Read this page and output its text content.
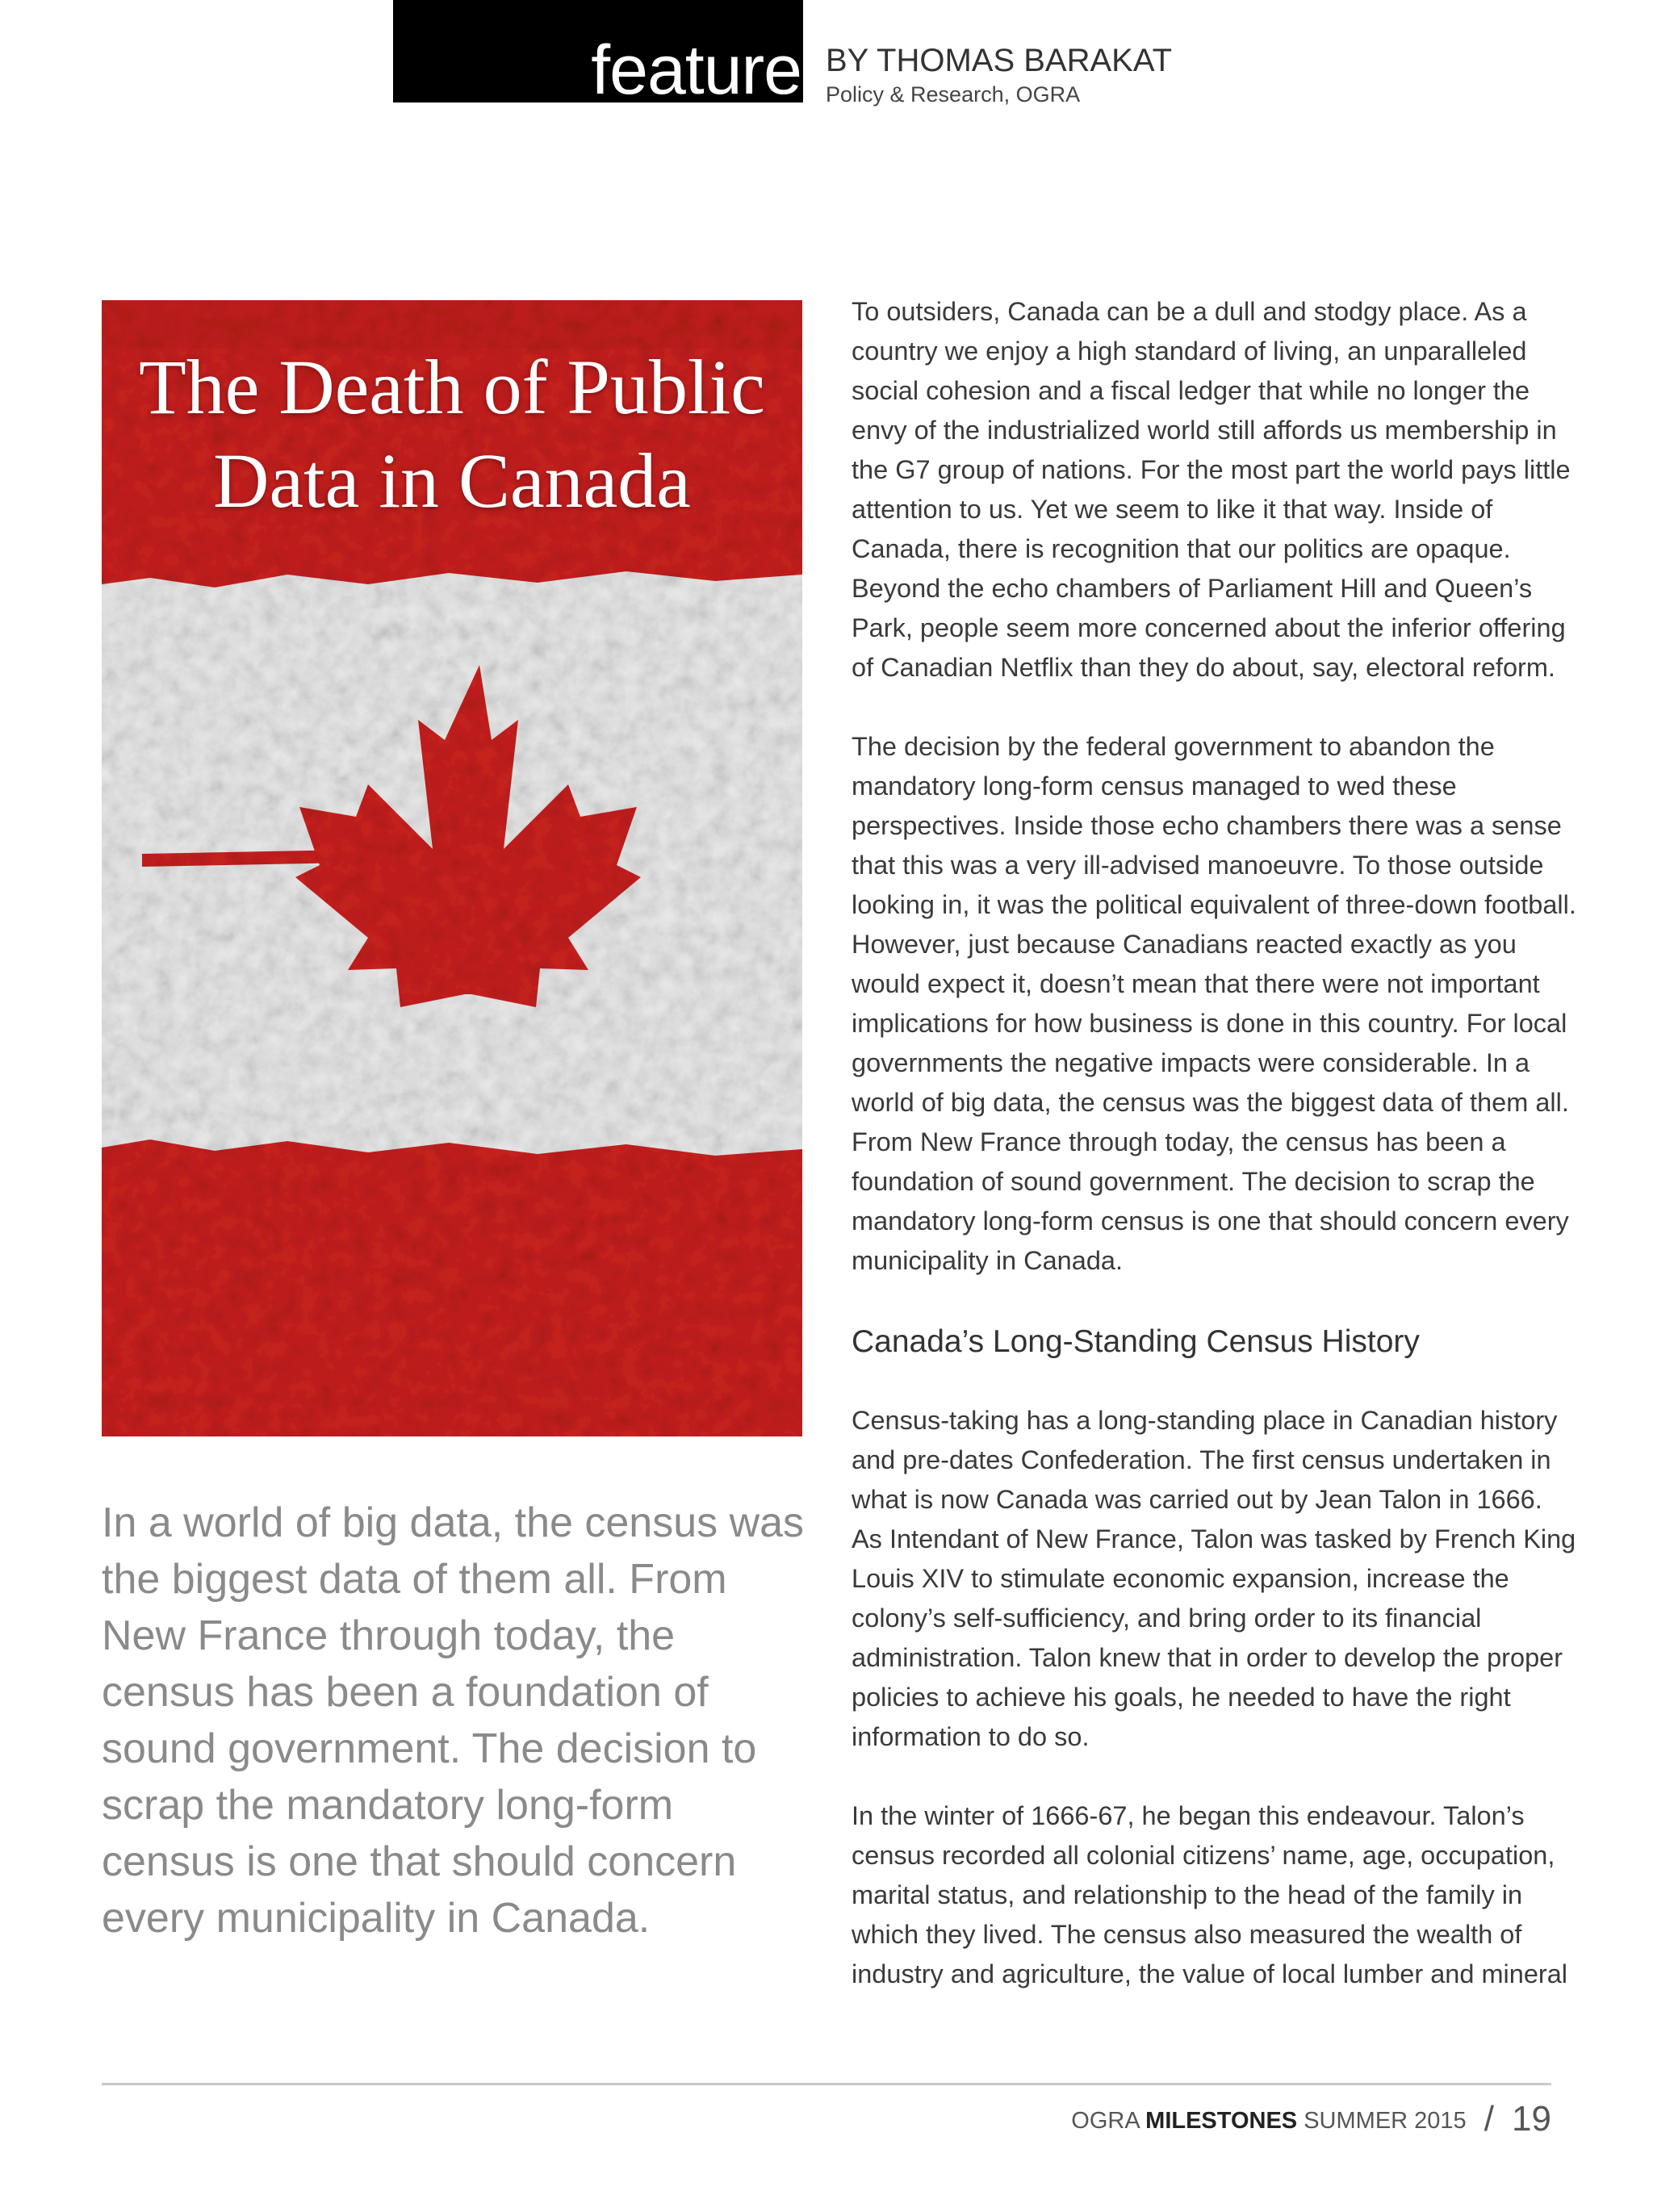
feature BY THOMAS BARAKAT
Policy & Research, OGRA
The Death of Public
Data in Canada
In a world of big data, the census was the biggest data of them all. From New France through today, the census has been a foundation of sound government. The decision to scrap the mandatory long-form census is one that should concern every municipality in Canada.

To outsiders, Canada can be a dull and stodgy place. As a country we enjoy a high standard of living, an unparalleled social cohesion and a fiscal ledger that while no longer the envy of the industrialized world still affords us membership in the G7 group of nations. For the most part the world pays little attention to us. Yet we seem to like it that way. Inside of Canada, there is recognition that our politics are opaque. Beyond the echo chambers of Parliament Hill and Queen’s Park, people seem more concerned about the inferior offering of Canadian Netflix than they do about, say, electoral reform.

The decision by the federal government to abandon the mandatory long-form census managed to wed these perspectives. Inside those echo chambers there was a sense that this was a very ill-advised manoeuvre. To those outside looking in, it was the political equivalent of three-down football. However, just because Canadians reacted exactly as you would expect it, doesn’t mean that there were not important implications for how business is done in this country. For local governments the negative impacts were considerable. In a world of big data, the census was the biggest data of them all. From New France through today, the census has been a foundation of sound government. The decision to scrap the mandatory long-form census is one that should concern every municipality in Canada.

Canada’s Long-Standing Census History

Census-taking has a long-standing place in Canadian history and pre-dates Confederation. The first census undertaken in what is now Canada was carried out by Jean Talon in 1666. As Intendant of New France, Talon was tasked by French King Louis XIV to stimulate economic expansion, increase the colony’s self-sufficiency, and bring order to its financial administration. Talon knew that in order to develop the proper policies to achieve his goals, he needed to have the right information to do so.

In the winter of 1666-67, he began this endeavour. Talon’s census recorded all colonial citizens’ name, age, occupation, marital status, and relationship to the head of the family in which they lived. The census also measured the wealth of industry and agriculture, the value of local lumber and mineral

OGRA MILESTONES SUMMER 2015 / 19
